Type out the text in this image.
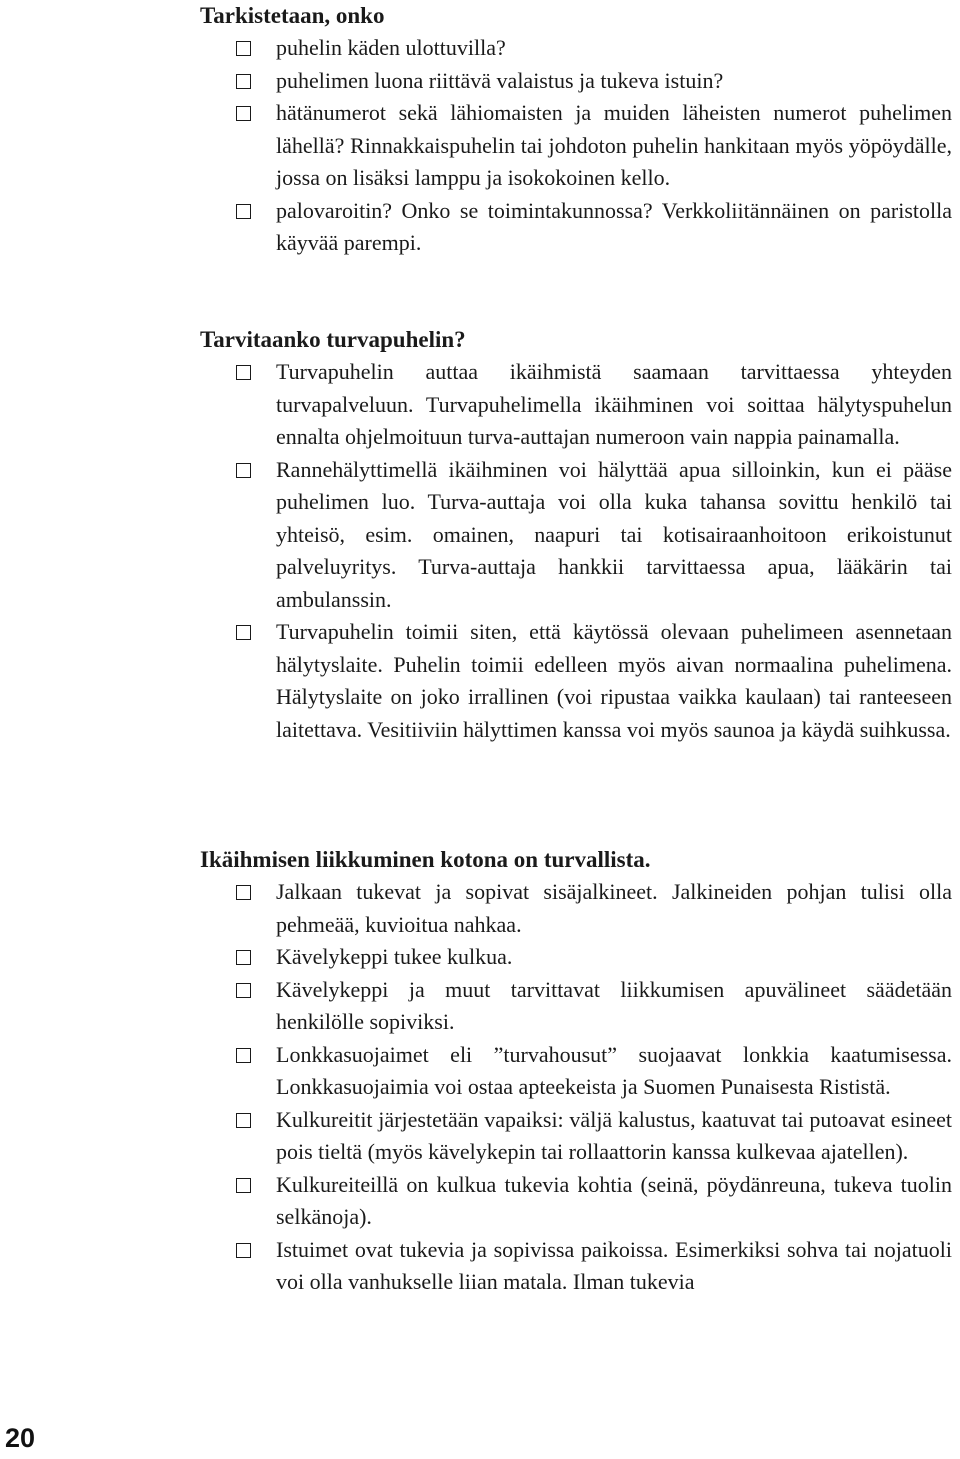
Tarkistetaan, onko
puhelin käden ulottuvilla?
puhelimen luona riittävä valaistus ja tukeva istuin?
hätänumerot sekä lähiomaisten ja muiden läheisten numerot puhelimen lähellä? Rinnakkaispuhelin tai johdoton puhelin hankitaan myös yöpöydälle, jossa on lisäksi lamppu ja isokokoinen kello.
palovaroitin? Onko se toimintakunnossa? Verkkoliitännäinen on paristolla käyvää parempi.
Tarvitaanko turvapuhelin?
Turvapuhelin auttaa ikäihmistä saamaan tarvittaessa yhteyden turvapalveluun. Turvapuhelimella ikäihminen voi soittaa hälytyspuhelun ennalta ohjelmoituun turva-auttajan numeroon vain nappia painamalla.
Rannehälyttimellä ikäihminen voi hälyttää apua silloinkin, kun ei pääse puhelimen luo. Turva-auttaja voi olla kuka tahansa sovittu henkilö tai yhteisö, esim. omainen, naapuri tai kotisairaanhoitoon erikoistunut palveluyritys. Turva-auttaja hankkii tarvittaessa apua, lääkärin tai ambulanssin.
Turvapuhelin toimii siten, että käytössä olevaan puhelimeen asennetaan hälytyslaite. Puhelin toimii edelleen myös aivan normaalina puhelimena. Hälytyslaite on joko irrallinen (voi ripustaa vaikka kaulaan) tai ranteeseen laitettava. Vesitiiviin hälyttimen kanssa voi myös saunoa ja käydä suihkussa.
Ikäihmisen liikkuminen kotona on turvallista.
Jalkaan tukevat ja sopivat sisäjalkineet. Jalkineiden pohjan tulisi olla pehmeää, kuvioitua nahkaa.
Kävelykeppi tukee kulkua.
Kävelykeppi ja muut tarvittavat liikkumisen apuvälineet säädetään henkilölle sopiviksi.
Lonkkasuojaimet eli ”turvahousut” suojaavat lonkkia kaatumisessa. Lonkkasuojaimia voi ostaa apteekeista ja Suomen Punaisesta Rististä.
Kulkureitit järjestetään vapaiksi: väljä kalustus, kaatuvat tai putoavat esineet pois tieltä (myös kävelykepin tai rollaattorin kanssa kulkevaa ajatellen).
Kulkureiteillä on kulkua tukevia kohtia (seinä, pöydänreuna, tukeva tuolin selkänoja).
Istuimet ovat tukevia ja sopivissa paikoissa. Esimerkiksi sohva tai nojatuoli voi olla vanhukselle liian matala. Ilman tukevia
20
